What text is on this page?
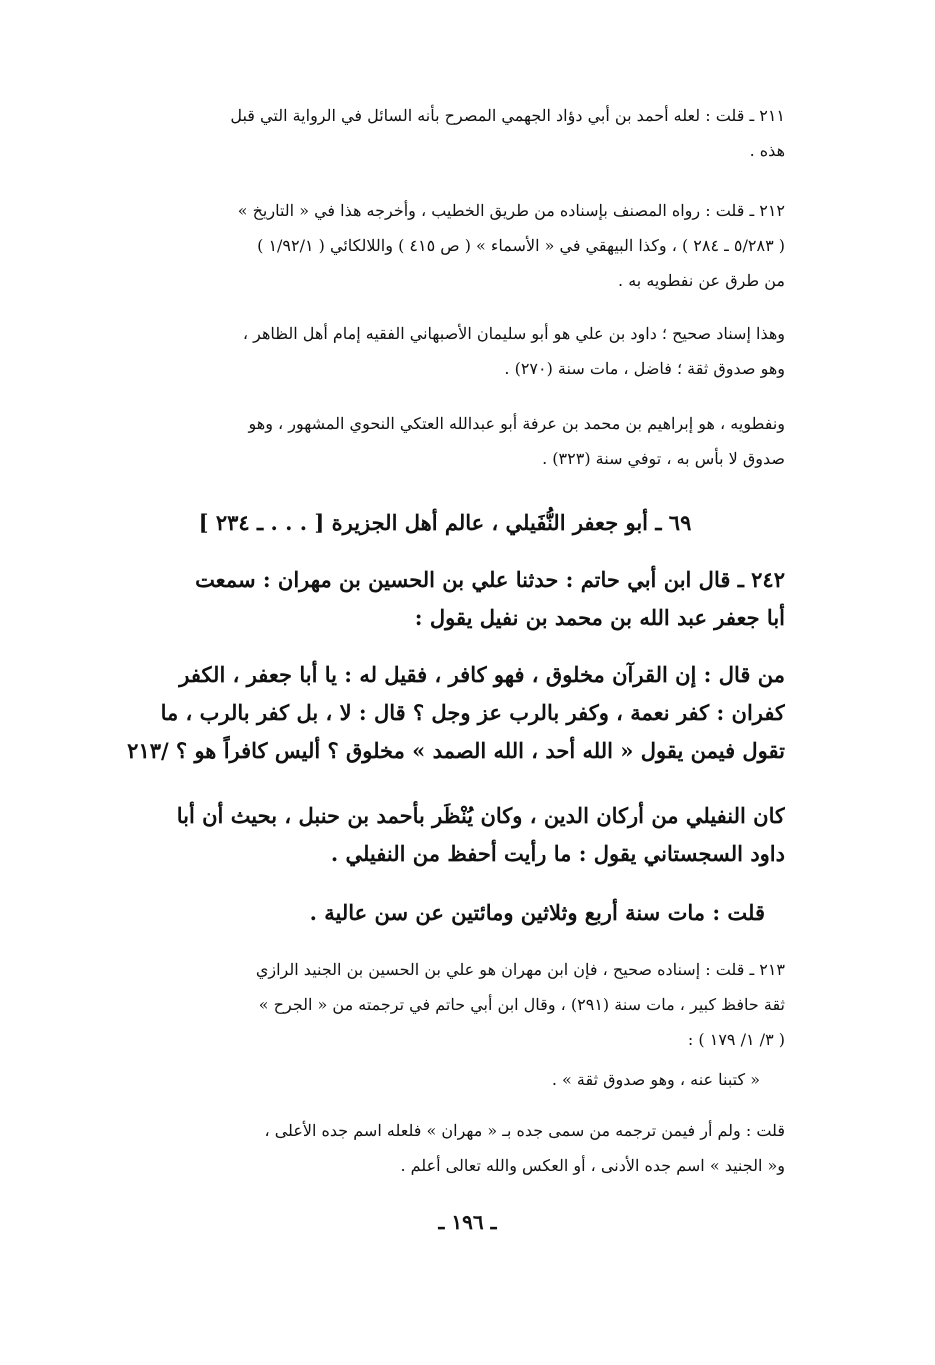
٢١١ ـ قلت : لعله أحمد بن أبي دؤاد الجهمي المصرح بأنه السائل في الرواية التي قبل
هذه .
٢١٢ ـ قلت : رواه المصنف بإسناده من طريق الخطيب ، وأخرجه هذا في « التاريخ »
( ٥/٢٨٣ ـ ٢٨٤ ) ، وكذا البيهقي في « الأسماء » ( ص ٤١٥ ) واللالكائي ( ١/٩٢/١ )
من طرق عن نفطويه به .
وهذا إسناد صحيح ؛ داود بن علي هو أبو سليمان الأصبهاني الفقيه إمام أهل الظاهر ،
وهو صدوق ثقة ؛ فاضل ، مات سنة (٢٧٠) .
ونفطويه ، هو إبراهيم بن محمد بن عرفة أبو عبدالله العتكي النحوي المشهور ، وهو
صدوق لا بأس به ، توفي سنة (٣٢٣) .
٦٩ ـ أبو جعفر النُّفَيلي ، عالم أهل الجزيرة [ . . . ـ ٢٣٤ ]
٢٤٢ ـ قال ابن أبي حاتم : حدثنا علي بن الحسين بن مهران : سمعت
أبا جعفر عبد الله بن محمد بن نفيل يقول :
من قال : إن القرآن مخلوق ، فهو كافر ، فقيل له : يا أبا جعفر ، الكفر
كفران : كفر نعمة ، وكفر بالرب عز وجل ؟ قال : لا ، بل كفر بالرب ، ما
تقول فيمن يقول « الله أحد ، الله الصمد » مخلوق ؟ أليس كافراً هو ؟ /٢١٣
كان النفيلي من أركان الدين ، وكان يُنْظَر بأحمد بن حنبل ، بحيث أن أبا
داود السجستاني يقول : ما رأيت أحفظ من النفيلي .
قلت : مات سنة أربع وثلاثين ومائتين عن سن عالية .
٢١٣ ـ قلت : إسناده صحيح ، فإن ابن مهران هو علي بن الحسين بن الجنيد الرازي
ثقة حافظ كبير ، مات سنة (٢٩١) ، وقال ابن أبي حاتم في ترجمته من « الجرح »
( ٣/ ١/ ١٧٩ ) :
« كتبنا عنه ، وهو صدوق ثقة » .
قلت : ولم أر فيمن ترجمه من سمى جده بـ « مهران » فلعله اسم جده الأعلى ،
و« الجنيد » اسم جده الأدنى ، أو العكس والله تعالى أعلم .
ـ ١٩٦ ـ
